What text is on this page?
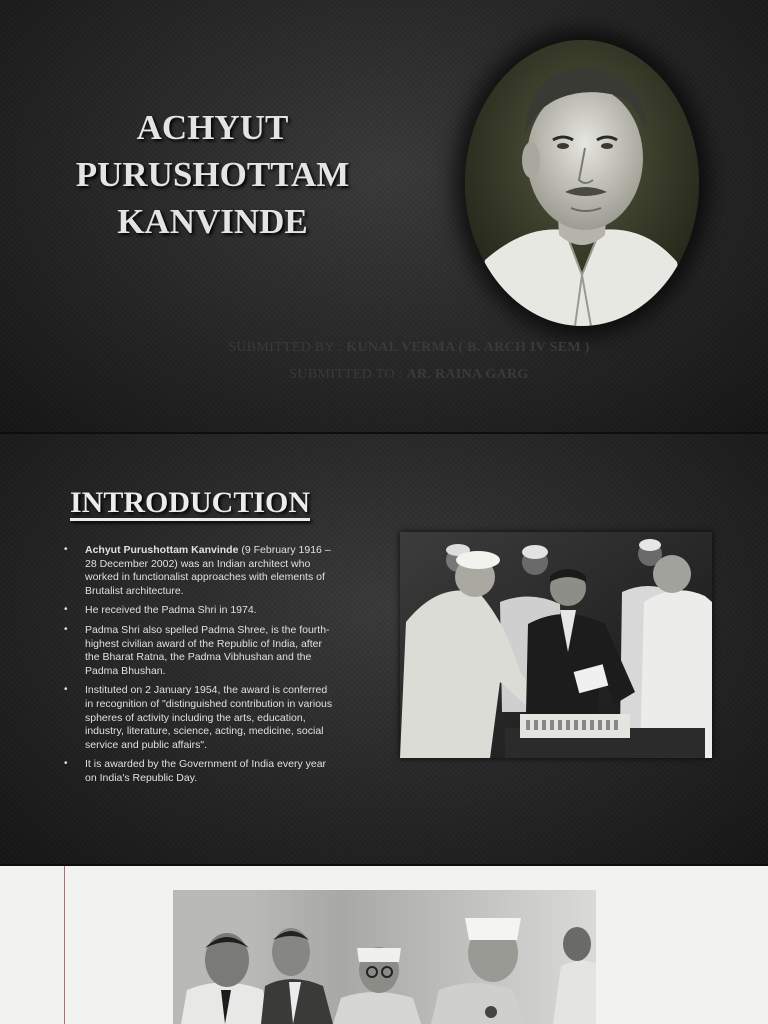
ACHYUT
PURUSHOTTAM
KANVINDE
SUBMITTED BY : KUNAL VERMA ( B. ARCH IV SEM )
SUBMITTED TO : AR. RAINA GARG
INTRODUCTION
• Achyut Purushottam Kanvinde (9 February 1916 – 28 December 2002) was an Indian architect who worked in functionalist approaches with elements of Brutalist architecture.
• He received the Padma Shri in 1974.
• Padma Shri also spelled Padma Shree, is the fourth-highest civilian award of the Republic of India, after the Bharat Ratna, the Padma Vibhushan and the Padma Bhushan.
• Instituted on 2 January 1954, the award is conferred in recognition of "distinguished contribution in various spheres of activity including the arts, education, industry, literature, science, acting, medicine, social service and public affairs".
• It is awarded by the Government of India every year on India's Republic Day.
